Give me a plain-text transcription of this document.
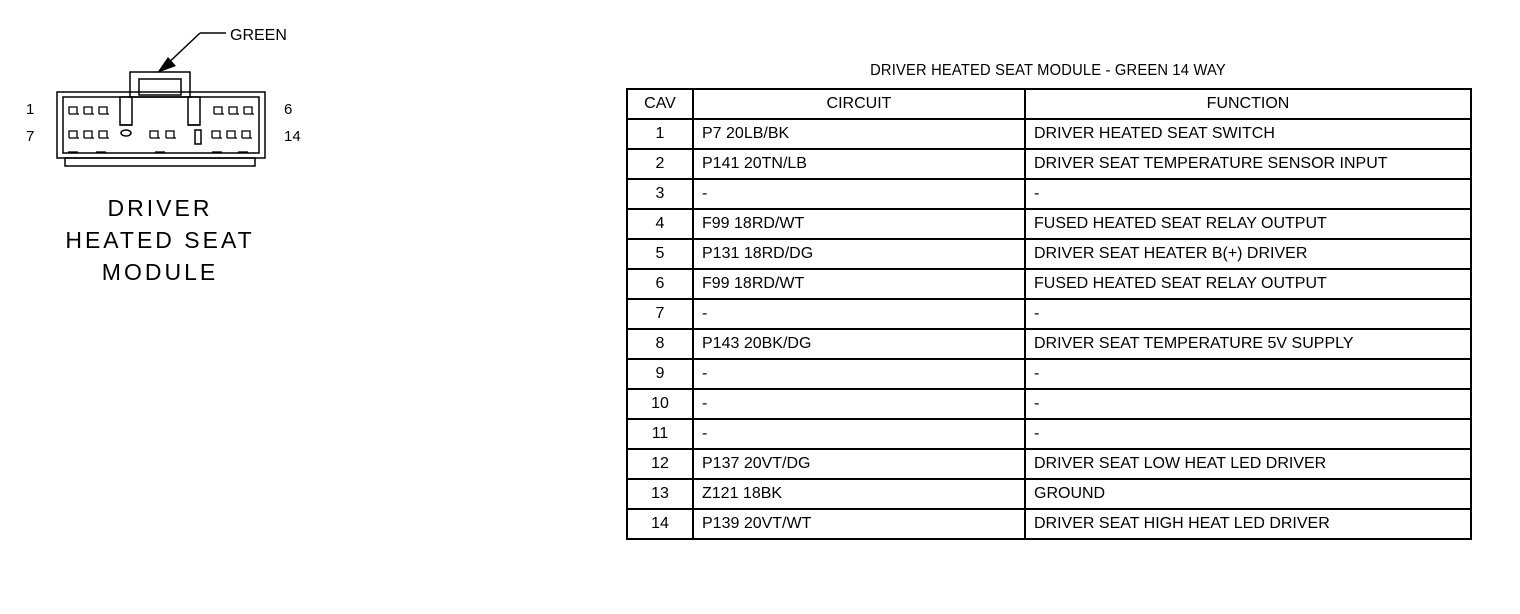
GREEN
1
7
6
14
DRIVER
HEATED SEAT
MODULE
DRIVER HEATED SEAT MODULE - GREEN 14 WAY
CAV	CIRCUIT	FUNCTION
1	P7 20LB/BK	DRIVER HEATED SEAT SWITCH
2	P141 20TN/LB	DRIVER SEAT TEMPERATURE SENSOR INPUT
3	-	-
4	F99 18RD/WT	FUSED HEATED SEAT RELAY OUTPUT
5	P131 18RD/DG	DRIVER SEAT HEATER B(+) DRIVER
6	F99 18RD/WT	FUSED HEATED SEAT RELAY OUTPUT
7	-	-
8	P143 20BK/DG	DRIVER SEAT TEMPERATURE 5V SUPPLY
9	-	-
10	-	-
11	-	-
12	P137 20VT/DG	DRIVER SEAT LOW HEAT LED DRIVER
13	Z121 18BK	GROUND
14	P139 20VT/WT	DRIVER SEAT HIGH HEAT LED DRIVER
